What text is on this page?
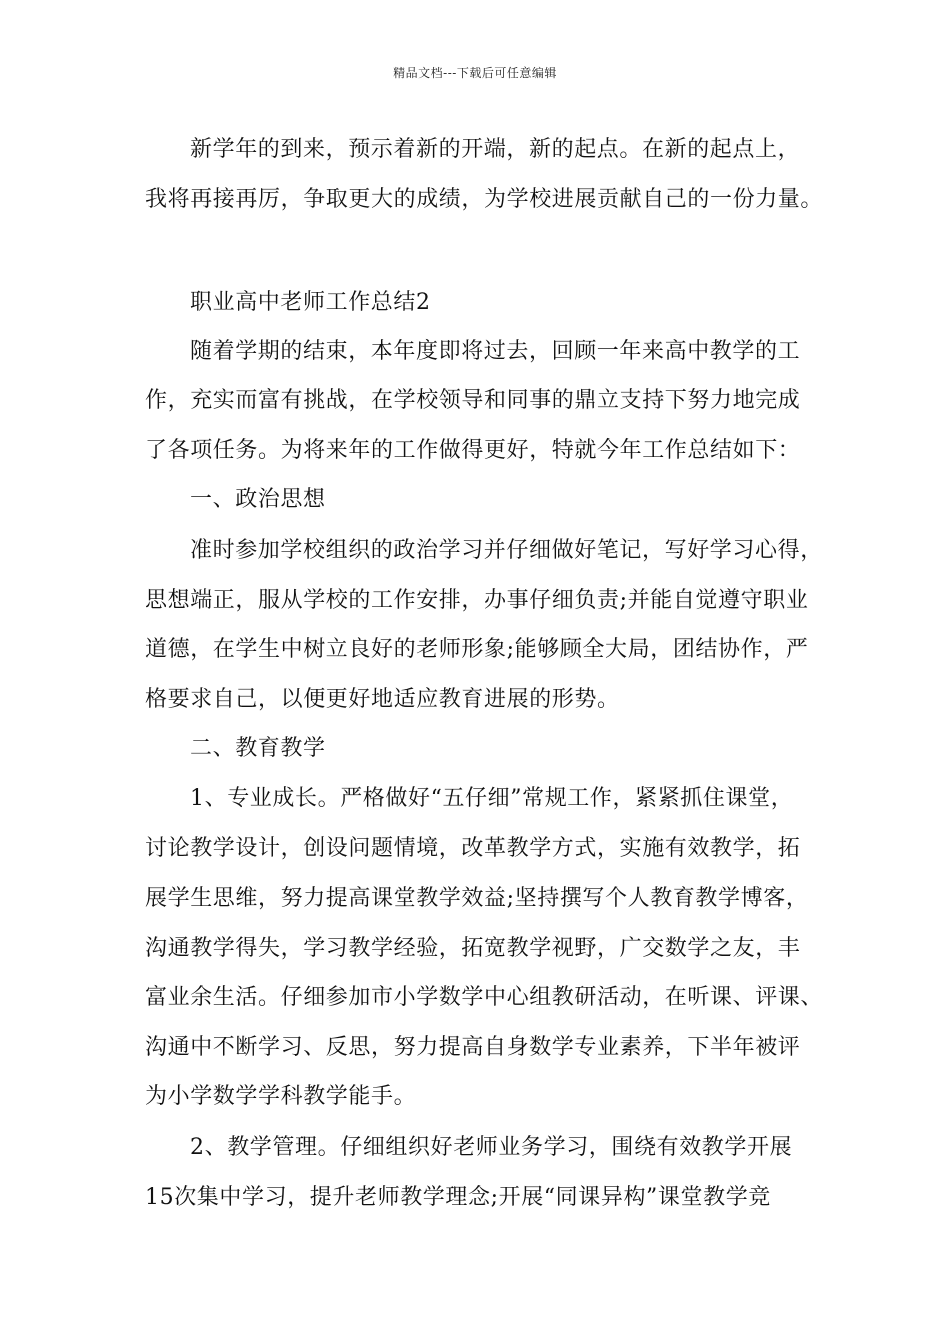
精品文档---下载后可任意编辑
新学年的到来，预示着新的开端，新的起点。在新的起点上，
我将再接再厉，争取更大的成绩，为学校进展贡献自己的一份力量。
职业高中老师工作总结2
随着学期的结束，本年度即将过去，回顾一年来高中教学的工
作，充实而富有挑战，在学校领导和同事的鼎立支持下努力地完成
了各项任务。为将来年的工作做得更好，特就今年工作总结如下：
一、政治思想
准时参加学校组织的政治学习并仔细做好笔记，写好学习心得，
思想端正，服从学校的工作安排，办事仔细负责;并能自觉遵守职业
道德，在学生中树立良好的老师形象;能够顾全大局，团结协作，严
格要求自己，以便更好地适应教育进展的形势。
二、教育教学
1、专业成长。严格做好“五仔细”常规工作，紧紧抓住课堂，
讨论教学设计，创设问题情境，改革教学方式，实施有效教学，拓
展学生思维，努力提高课堂教学效益;坚持撰写个人教育教学博客，
沟通教学得失，学习教学经验，拓宽教学视野，广交数学之友，丰
富业余生活。仔细参加市小学数学中心组教研活动，在听课、评课、
沟通中不断学习、反思，努力提高自身数学专业素养，下半年被评
为小学数学学科教学能手。
2、教学管理。仔细组织好老师业务学习，围绕有效教学开展
15次集中学习，提升老师教学理念;开展“同课异构”课堂教学竞
